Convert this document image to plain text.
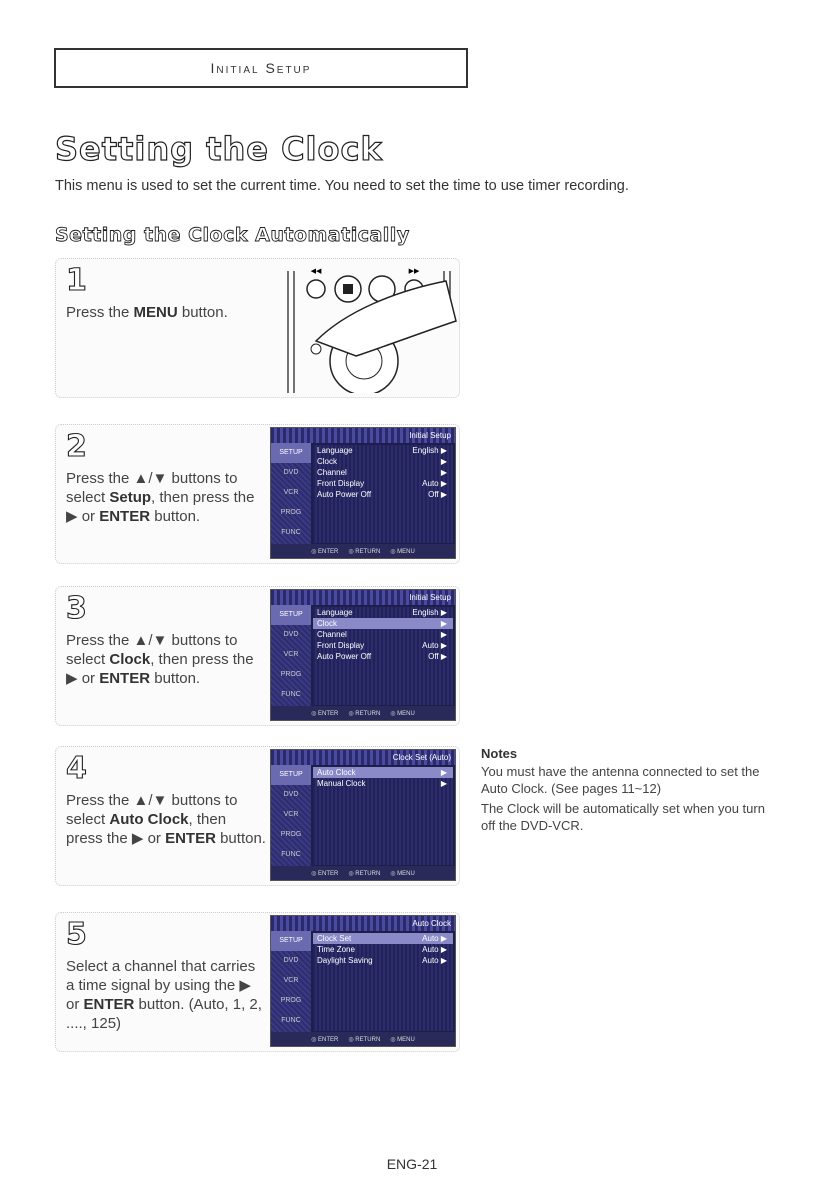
Initial Setup
Setting the Clock
This menu is used to set the current time. You need to set the time to use timer recording.
Setting the Clock Automatically
1
Press the MENU button.
◀◀	▶▶
2
Press the ▲/▼ buttons to select Setup, then press the ▶ or ENTER button.
Initial Setup
SETUP
DVD
VCR
PROG
FUNC
Language	English ▶
Clock	▶
Channel	▶
Front Display	Auto ▶
Auto Power Off	Off ▶
◎ ENTER ◎ RETURN ◎ MENU
3
Press the ▲/▼ buttons to select Clock, then press the ▶ or ENTER button.
Initial Setup
SETUP
DVD
VCR
PROG
FUNC
Language	English ▶
Clock	▶
Channel	▶
Front Display	Auto ▶
Auto Power Off	Off ▶
◎ ENTER ◎ RETURN ◎ MENU
4
Press the ▲/▼ buttons to select Auto Clock, then press the ▶ or ENTER button.
Clock Set (Auto)
SETUP
DVD
VCR
PROG
FUNC
Auto Clock	▶
Manual Clock	▶
◎ ENTER ◎ RETURN ◎ MENU
5
Select a channel that carries a time signal by using the ▶ or ENTER button. (Auto, 1, 2, ...., 125)
Auto Clock
SETUP
DVD
VCR
PROG
FUNC
Clock Set	Auto ▶
Time Zone	Auto ▶
Daylight Saving	Auto ▶
◎ ENTER ◎ RETURN ◎ MENU
Notes

You must have the antenna connected to set the Auto Clock. (See pages 11~12)

The Clock will be automatically set when you turn off the DVD-VCR.

ENG-21
